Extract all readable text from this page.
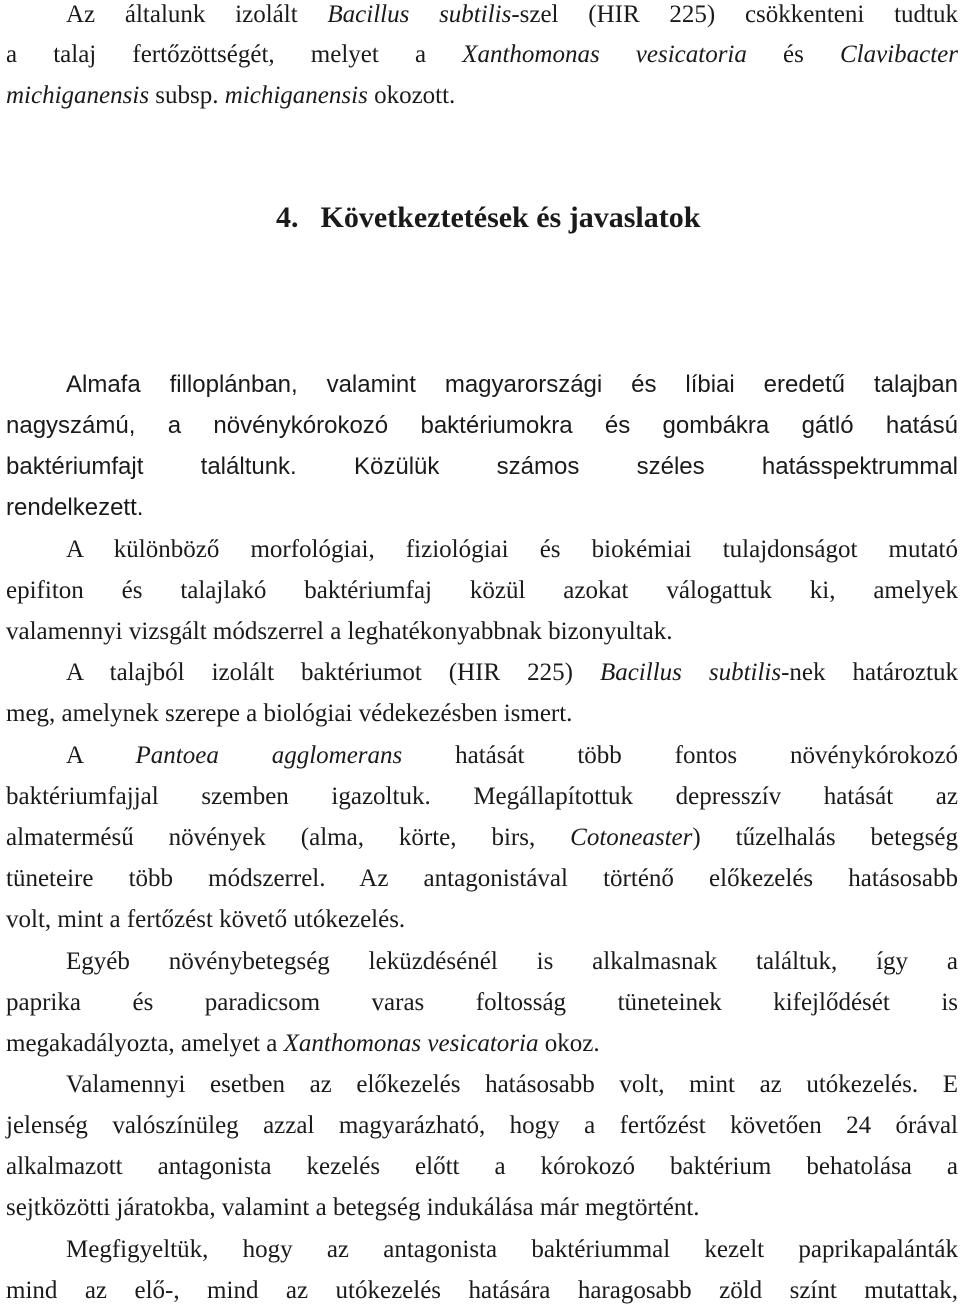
Az általunk izolált Bacillus subtilis-szel (HIR 225) csökkenteni tudtuk
a talaj fertőzöttségét, melyet a Xanthomonas vesicatoria és Clavibacter
michiganensis subsp. michiganensis okozott.
4. Következtetések és javaslatok
Almafa filloplánban, valamint magyarországi és líbiai eredetű talajban
nagyszámú, a növénykórokozó baktériumokra és gombákra gátló hatású
baktériumfajt találtunk. Közülük számos széles hatásspektrummal
rendelkezett.
A különböző morfológiai, fiziológiai és biokémiai tulajdonságot mutató
epifiton és talajlakó baktériumfaj közül azokat válogattuk ki, amelyek
valamennyi vizsgált módszerrel a leghatékonyabbnak bizonyultak.
A talajból izolált baktériumot (HIR 225) Bacillus subtilis-nek határoztuk
meg, amelynek szerepe a biológiai védekezésben ismert.
A Pantoea agglomerans hatását több fontos növénykórokozó
baktériumfajjal szemben igazoltuk. Megállapítottuk depresszív hatását az
almatermésű növények (alma, körte, birs, Cotoneaster) tűzelhalás betegség
tüneteire több módszerrel. Az antagonistával történő előkezelés hatásosabb
volt, mint a fertőzést követő utókezelés.
Egyéb növénybetegség leküzdésénél is alkalmasnak találtuk, így a
paprika és paradicsom varas foltosság tüneteinek kifejlődését is
megakadályozta, amelyet a Xanthomonas vesicatoria okoz.
Valamennyi esetben az előkezelés hatásosabb volt, mint az utókezelés. E
jelenség valószínüleg azzal magyarázható, hogy a fertőzést követően 24 órával
alkalmazott antagonista kezelés előtt a kórokozó baktérium behatolása a
sejtközötti járatokba, valamint a betegség indukálása már megtörtént.
Megfigyeltük, hogy az antagonista baktériummal kezelt paprikapalánták
mind az elő-, mind az utókezelés hatására haragosabb zöld színt mutattak,
